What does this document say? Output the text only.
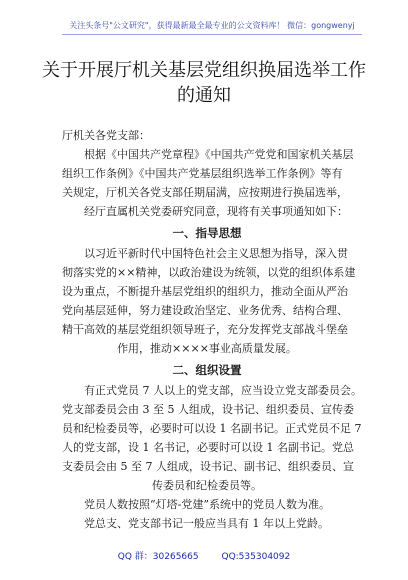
关注头条号"公文研究"，获得最新最全最专业的公文资料库！ 微信：gongwenyj
关于开展厅机关基层党组织换届选举工作
的通知
厅机关各党支部：

根据《中国共产党章程》《中国共产党党和国家机关基层
组织工作条例》《中国共产党基层组织选举工作条例》等有
关规定，厅机关各党支部任期届满，应按期进行换届选举，
经厅直属机关党委研究同意，现将有关事项通知如下：

一、指导思想

以习近平新时代中国特色社会主义思想为指导，深入贯
彻落实党的××精神，以政治建设为统领，以党的组织体系建
设为重点，不断提升基层党组织的组织力，推动全面从严治
党向基层延伸，努力建设政治坚定、业务优秀、结构合理、
精干高效的基层党组织领导班子，充分发挥党支部战斗堡垒
作用，推动××××事业高质量发展。

二、组织设置

有正式党员 7 人以上的党支部，应当设立党支部委员会。
党支部委员会由 3 至 5 人组成，设书记、组织委员、宣传委
员和纪检委员等，必要时可以设 1 名副书记。正式党员不足 7
人的党支部，设 1 名书记，必要时可以设 1 名副书记。党总
支委员会由 5 至 7 人组成，设书记、副书记、组织委员、宣
传委员和纪检委员等。

党员人数按照“灯塔-党建”系统中的党员人数为准。
党总支、党支部书记一般应当具有 1 年以上党龄。

QQ 群：30265665	QQ:535304092
